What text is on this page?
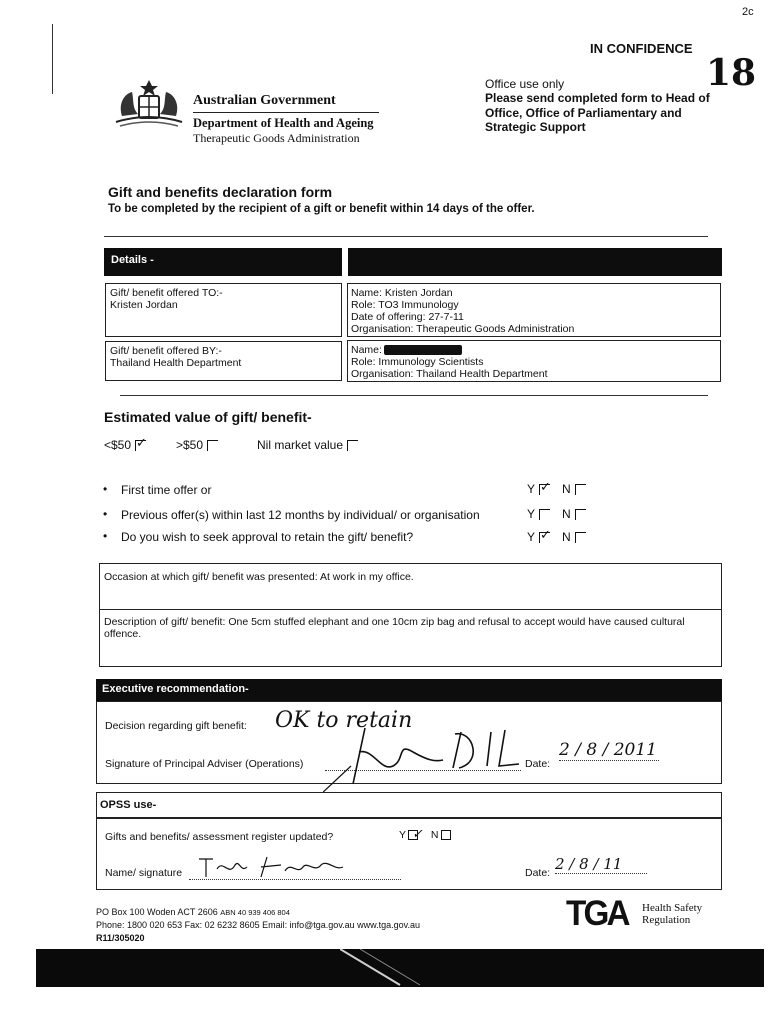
2c
IN CONFIDENCE
18
Australian Government
Department of Health and Ageing
Therapeutic Goods Administration
Office use only
Please send completed form to Head of Office, Office of Parliamentary and Strategic Support
Gift and benefits declaration form
To be completed by the recipient of a gift or benefit within 14 days of the offer.
Details -
Gift/ benefit offered TO:-
Kristen Jordan
Name: Kristen Jordan
Role: TO3 Immunology
Date of offering: 27-7-11
Organisation: Therapeutic Goods Administration
Gift/ benefit offered BY:-
Thailand Health Department
Name:
Role: Immunology Scientists
Organisation: Thailand Health Department
Estimated value of gift/ benefit-
<$50 ✓	>$50	Nil market value
• First time offer or	Y ✓ N
• Previous offer(s) within last 12 months by individual/ or organisation	Y N
• Do you wish to seek approval to retain the gift/ benefit?	Y ✓ N
Occasion at which gift/ benefit was presented: At work in my office.
Description of gift/ benefit: One 5cm stuffed elephant and one 10cm zip bag and refusal to accept would have caused cultural offence.
Executive recommendation-
Decision regarding gift benefit: OK to retain
Signature of Principal Adviser (Operations)	Date:
2 / 8 / 2011
OPSS use-
Gifts and benefits/ assessment register updated?	Y ✓ N
Name/ signature	Date: 2 / 8 / 11
PO Box 100 Woden ACT 2606 ABN 40 939 406 804
Phone: 1800 020 653 Fax: 02 6232 8605 Email: info@tga.gov.au www.tga.gov.au
R11/305020
TGA Health Safety
Regulation
